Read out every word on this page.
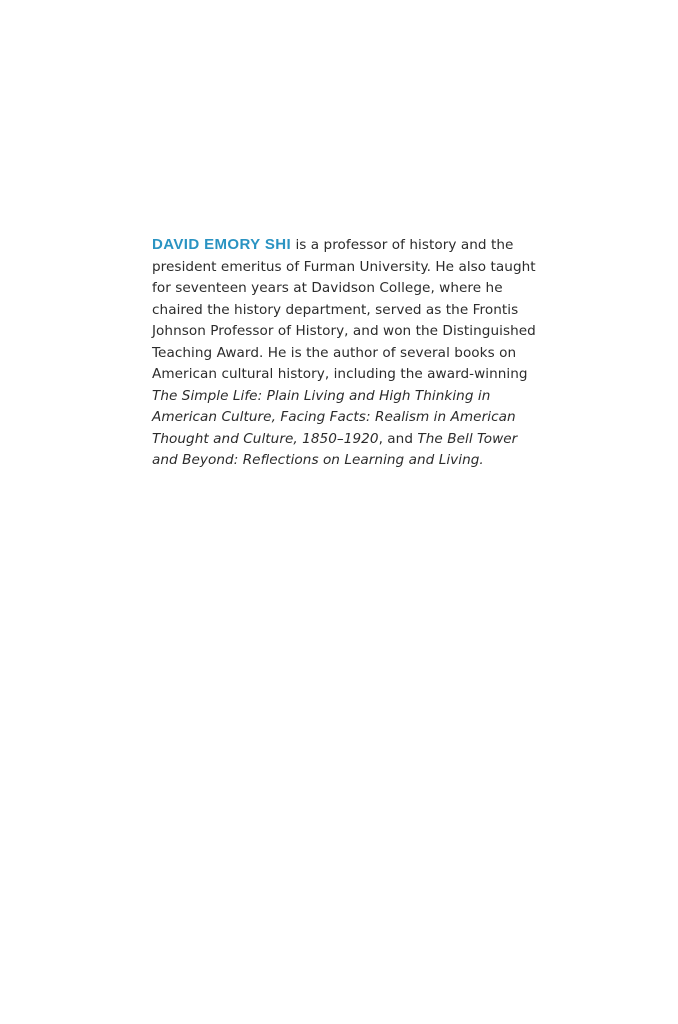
DAVID EMORY SHI is a professor of history and the president emeritus of Furman University. He also taught for seventeen years at Davidson College, where he chaired the history department, served as the Frontis Johnson Professor of History, and won the Distinguished Teaching Award. He is the author of several books on American cultural history, including the award-winning The Simple Life: Plain Living and High Thinking in American Culture, Facing Facts: Realism in American Thought and Culture, 1850–1920, and The Bell Tower and Beyond: Reflections on Learning and Living.
